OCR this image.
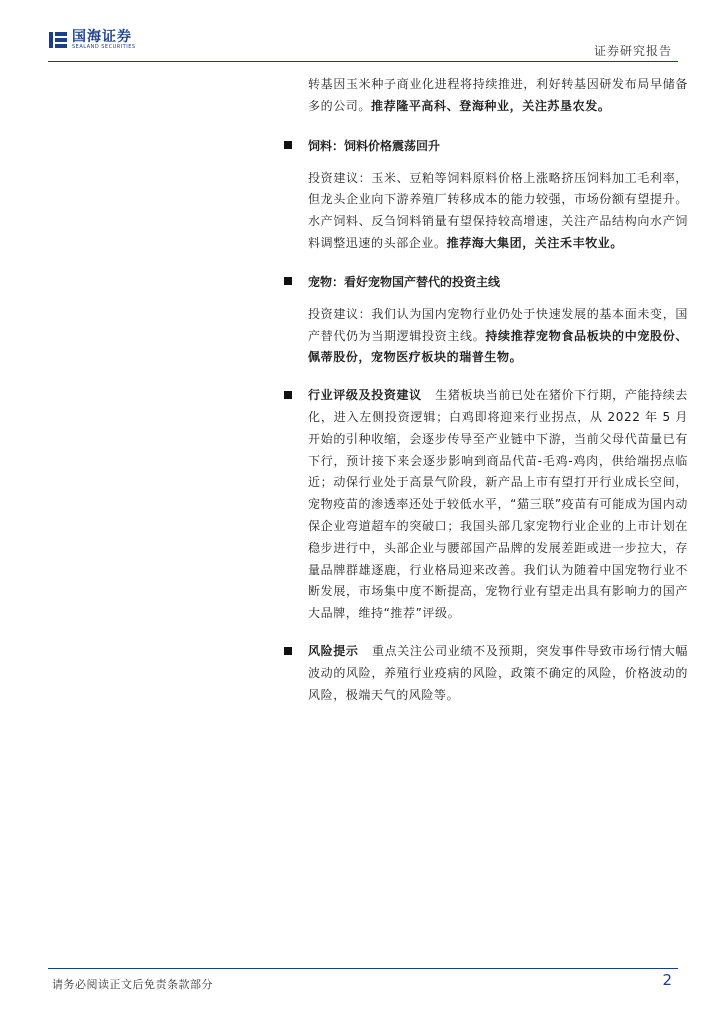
国海证券
SEALAND SECURITIES	证券研究报告
转基因玉米种子商业化进程将持续推进，利好转基因研发布局早储备多的公司。推荐隆平高科、登海种业，关注苏垦农发。
饲料：饲料价格震荡回升
投资建议：玉米、豆粕等饲料原料价格上涨略挤压饲料加工毛利率，但龙头企业向下游养殖厂转移成本的能力较强，市场份额有望提升。水产饲料、反刍饲料销量有望保持较高增速，关注产品结构向水产饲料调整迅速的头部企业。推荐海大集团，关注禾丰牧业。
宠物：看好宠物国产替代的投资主线
投资建议：我们认为国内宠物行业仍处于快速发展的基本面未变，国产替代仍为当期逻辑投资主线。持续推荐宠物食品板块的中宠股份、佩蒂股份，宠物医疗板块的瑞普生物。
行业评级及投资建议 生猪板块当前已处在猪价下行期，产能持续去化，进入左侧投资逻辑；白鸡即将迎来行业拐点，从 2022 年 5 月开始的引种收缩，会逐步传导至产业链中下游，当前父母代苗量已有下行，预计接下来会逐步影响到商品代苗-毛鸡-鸡肉，供给端拐点临近；动保行业处于高景气阶段，新产品上市有望打开行业成长空间，宠物疫苗的渗透率还处于较低水平，“猫三联”疫苗有可能成为国内动保企业弯道超车的突破口；我国头部几家宠物行业企业的上市计划在稳步进行中，头部企业与腰部国产品牌的发展差距或进一步拉大，存量品牌群雄逐鹿，行业格局迎来改善。我们认为随着中国宠物行业不断发展，市场集中度不断提高，宠物行业有望走出具有影响力的国产大品牌，维持“推荐”评级。
风险提示 重点关注公司业绩不及预期，突发事件导致市场行情大幅波动的风险，养殖行业疫病的风险，政策不确定的风险，价格波动的风险，极端天气的风险等。
请务必阅读正文后免责条款部分	2
